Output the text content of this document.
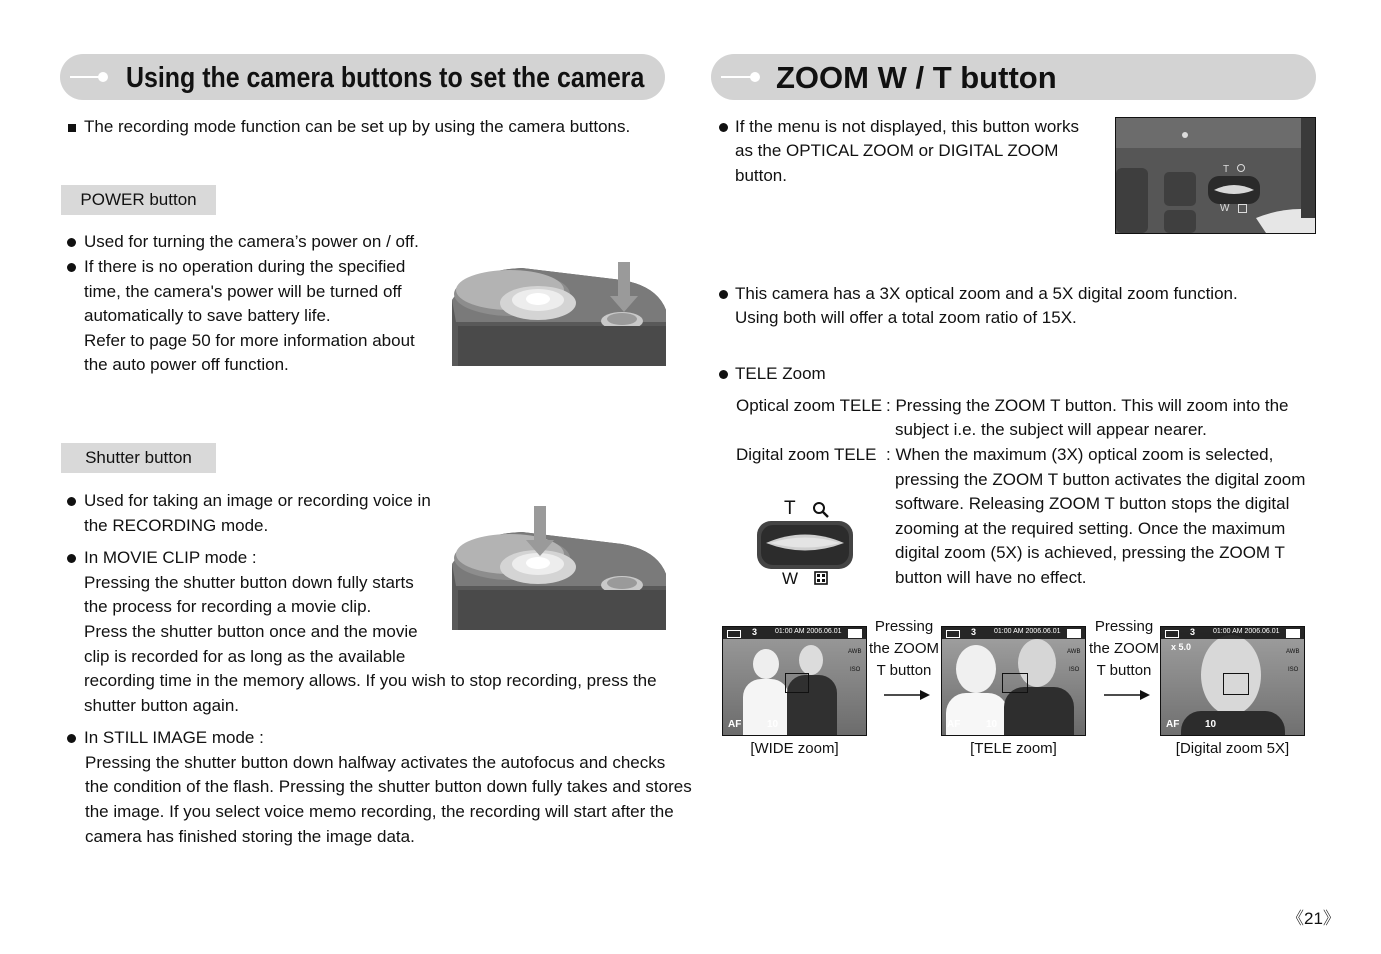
Using the camera buttons to set the camera	ZOOM W / T button
The recording mode function can be set up by using the camera buttons.
POWER button
Used for turning the camera’s power on / off.
If there is no operation during the specified
time, the camera's power will be turned off
automatically to save battery life.
Refer to page 50 for more information about
the auto power off function.
Shutter button
Used for taking an image or recording voice in
the RECORDING mode.
In MOVIE CLIP mode :
Pressing the shutter button down fully starts
the process for recording a movie clip.
Press the shutter button once and the movie
clip is recorded for as long as the available
recording time in the memory allows. If you wish to stop recording, press the
shutter button again.
In STILL IMAGE mode :
Pressing the shutter button down halfway activates the autofocus and checks
the condition of the flash. Pressing the shutter button down fully takes and stores
the image. If you select voice memo recording, the recording will start after the
camera has finished storing the image data.
If the menu is not displayed, this button works
as the OPTICAL ZOOM or DIGITAL ZOOM
button.	T
W
This camera has a 3X optical zoom and a 5X digital zoom function.
Using both will offer a total zoom ratio of 15X.
TELE Zoom
Optical zoom TELE : Pressing the ZOOM T button. This will zoom into the
subject i.e. the subject will appear nearer.
Digital zoom TELE : When the maximum (3X) optical zoom is selected,
pressing the ZOOM T button activates the digital zoom
software. Releasing ZOOM T button stops the digital
zooming at the required setting. Once the maximum
digital zoom (5X) is achieved, pressing the ZOOM T
button will have no effect.
T
W
3	01:00 AM 2006.06.01
AWB
ISO
AF	10
3	01:00 AM 2006.06.01
AWB
ISO
AF	10
3	01:00 AM 2006.06.01
x 5.0	AWB
ISO
AF	10
Pressing
the ZOOM
T button
Pressing
the ZOOM
T button
[WIDE zoom]	[TELE zoom]	[Digital zoom 5X]
《21》
